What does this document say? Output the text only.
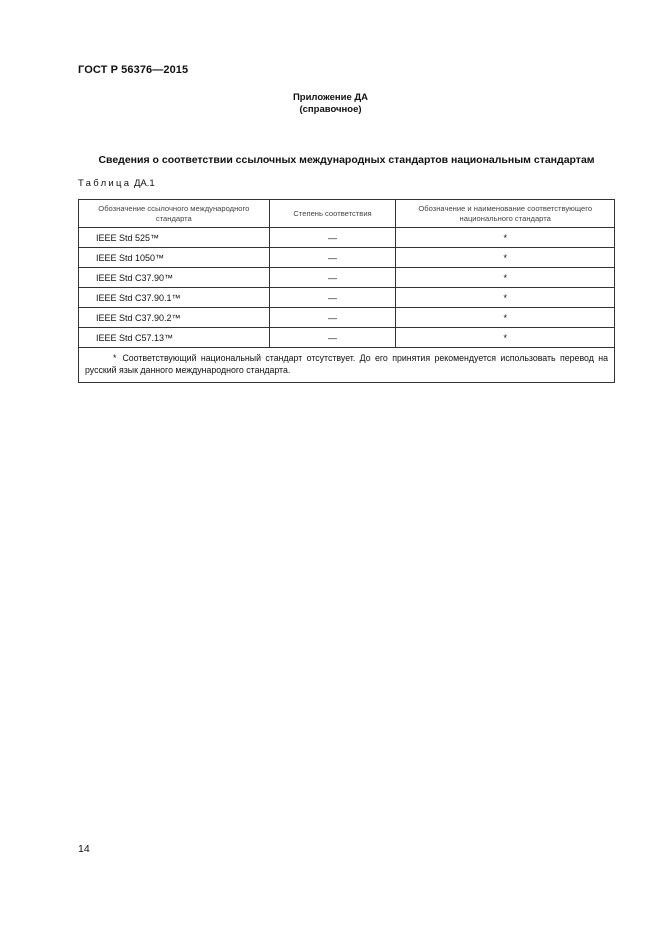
ГОСТ Р 56376—2015
Приложение ДА
(справочное)
Сведения о соответствии ссылочных международных стандартов национальным стандартам
Таблица ДА.1
Обозначение ссылочного международного стандарта	Степень соответствия	Обозначение и наименование соответствующего национального стандарта
IEEE Std 525™	—	*
IEEE Std 1050™	—	*
IEEE Std C37.90™	—	*
IEEE Std C37.90.1™	—	*
IEEE Std C37.90.2™	—	*
IEEE Std C57.13™	—	*
* Соответствующий национальный стандарт отсутствует. До его принятия рекомендуется использовать перевод на русский язык данного международного стандарта.		
14
